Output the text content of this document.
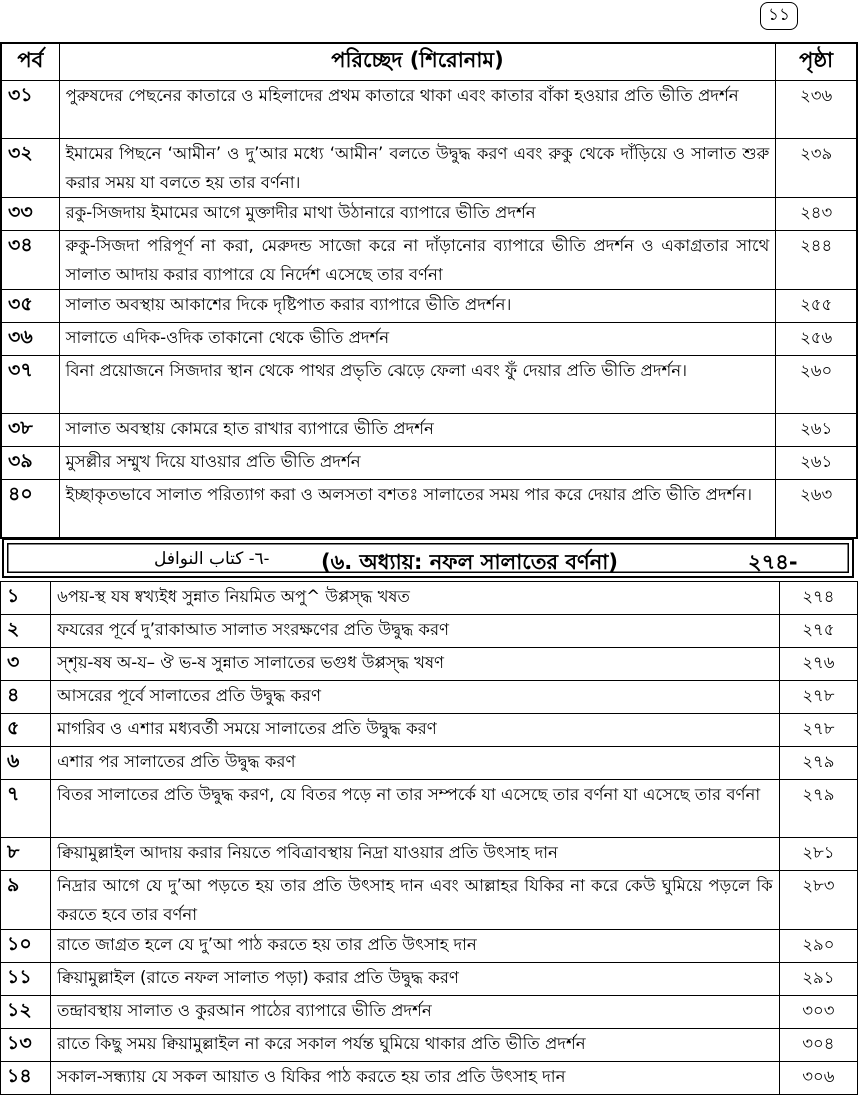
১১
পর্ব	পরিচ্ছেদ (শিরোনাম)	পৃষ্ঠা
৩১	পুরুষদের পেছনের কাতারে ও মহিলাদের প্রথম কাতারে থাকা এবং কাতার বাঁকা হওয়ার প্রতি ভীতি প্রদর্শন	২৩৬
৩২	ইমামের পিছনে ‘আমীন’ ও দু’আর মধ্যে ‘আমীন’ বলতে উদ্বুদ্ধ করণ এবং রুকু থেকে দাঁড়িয়ে ও সালাত শুরু করার সময় যা বলতে হয় তার বর্ণনা।	২৩৯
৩৩	রকু-সিজদায় ইমামের আগে মুক্তাদীর মাথা উঠানারে ব্যাপারে ভীতি প্রদর্শন	২৪৩
৩৪	রুকু-সিজদা পরিপূর্ণ না করা, মেরুদন্ড সাজো করে না দাঁড়ানোর ব্যাপারে ভীতি প্রদর্শন ও একাগ্রতার সাথে সালাত আদায় করার ব্যাপারে যে নির্দেশ এসেছে তার বর্ণনা	২৪৪
৩৫	সালাত অবস্থায় আকাশের দিকে দৃষ্টিপাত করার ব্যাপারে ভীতি প্রদর্শন।	২৫৫
৩৬	সালাতে এদিক-ওদিক তাকানো থেকে ভীতি প্রদর্শন	২৫৬
৩৭	বিনা প্রয়োজনে সিজদার স্থান থেকে পাথর প্রভৃতি ঝেড়ে ফেলা এবং ফুঁ দেয়ার প্রতি ভীতি প্রদর্শন।	২৬০
৩৮	সালাত অবস্থায় কোমরে হাত রাখার ব্যাপারে ভীতি প্রদর্শন	২৬১
৩৯	মুসল্লীর সম্মুখ দিয়ে যাওয়ার প্রতি ভীতি প্রদর্শন	২৬১
৪০	ইচ্ছাকৃতভাবে সালাত পরিত্যাগ করা ও অলসতা বশতঃ সালাতের সময় পার করে দেয়ার প্রতি ভীতি প্রদর্শন।	২৬৩
-٦- كتاب النوافل (৬. অধ্যায়: নফল সালাতের বর্ণনা)	২৭৪-
১	৬পয়-স্থ যষ ষ্বখ্যইধ সুন্নাত নিয়মিত অপু^ উপ্পস্দ্ধ খষত	২৭৪
২	ফযরের পূর্বে দু’রাকাআত সালাত সংরক্ষণের প্রতি উদ্বুদ্ধ করণ	২৭৫
৩	স্শৃয়-ষষ অ-য– ঔ ভ-ষ সুন্নাত সালাতের ভগুধ উপ্পস্দ্ধ খষণ	২৭৬
৪	আসরের পূর্বে সালাতের প্রতি উদ্বুদ্ধ করণ	২৭৮
৫	মাগরিব ও এশার মধ্যবর্তী সময়ে সালাতের প্রতি উদ্বুদ্ধ করণ	২৭৮
৬	এশার পর সালাতের প্রতি উদ্বুদ্ধ করণ	২৭৯
৭	বিতর সালাতের প্রতি উদ্বুদ্ধ করণ, যে বিতর পড়ে না তার সম্পর্কে যা এসেছে তার বর্ণনা যা এসেছে তার বর্ণনা	২৭৯
৮	ক্বিয়ামুল্লাইল আদায় করার নিয়তে পবিত্রাবস্থায় নিদ্রা যাওয়ার প্রতি উৎসাহ দান	২৮১
৯	নিদ্রার আগে যে দু’আ পড়তে হয় তার প্রতি উৎসাহ দান এবং আল্লাহর যিকির না করে কেউ ঘুমিয়ে পড়লে কি করতে হবে তার বর্ণনা	২৮৩
১০	রাতে জাগ্রত হলে যে দু’আ পাঠ করতে হয় তার প্রতি উৎসাহ দান	২৯০
১১	ক্বিয়ামুল্লাইল (রাতে নফল সালাত পড়া) করার প্রতি উদ্বুদ্ধ করণ	২৯১
১২	তন্দ্রাবস্থায় সালাত ও কুরআন পাঠের ব্যাপারে ভীতি প্রদর্শন	৩০৩
১৩	রাতে কিছু সময় ক্বিয়ামুল্লাইল না করে সকাল পর্যন্ত ঘুমিয়ে থাকার প্রতি ভীতি প্রদর্শন	৩০৪
১৪	সকাল-সন্ধ্যায় যে সকল আয়াত ও যিকির পাঠ করতে হয় তার প্রতি উৎসাহ দান	৩০৬
